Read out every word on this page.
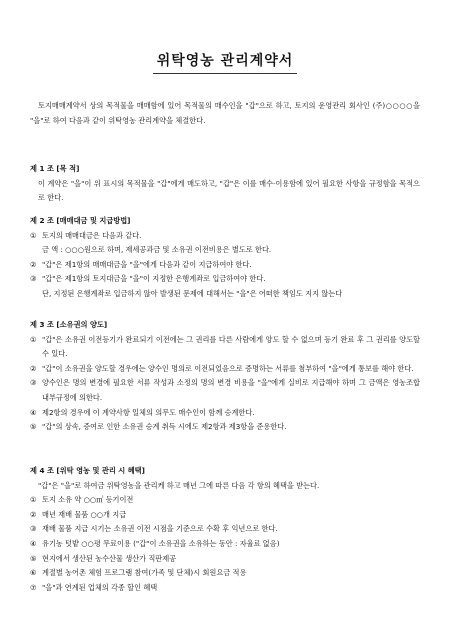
위탁영농 관리계약서
토지매매계약서 상의 목적물을 매매함에 있어 목적물의 매수인을 "갑"으로 하고, 토지의 운영관리 회사인 (주)○○○○을 "을"로 하여 다음과 같이 위탁영농 관리계약을 체결한다.
제 1 조 [목 적]
이 계약은 "을"이 위 표시의 목적물을 "갑"에게 매도하고, "갑"은 이를 매수·이용함에 있어 필요한 사항을 규정함을 목적으로 한다.
제 2 조 [매매대금 및 지급방법]
① 토지의 매매대금은 다음과 같다.
금 액 : ○○○원으로 하며, 제세공과금 및 소유권 이전비용은 별도로 한다.
② "갑"은 제1항의 매매대금을 "을"에게 다음과 같이 지급하여야 한다.
③ "갑"은 제1항의 토지대금을 "을"이 지정한 은행계좌로 입금하여야 한다.
단, 지정된 은행계좌로 입금하지 않아 발생된 문제에 대해서는 "을"은 어떠한 책임도 지지 않는다
제 3 조 [소유권의 양도]
① "갑"은 소유권 이전등기가 완료되기 이전에는 그 권리를 다른 사람에게 양도 할 수 없으며 등기 완료 후 그 권리를 양도할 수 있다.
② "갑"이 소유권을 양도할 경우에는 양수인 명의로 이전되었음으로 증명하는 서류를 첨부하여 "을"에게 통보를 해야 한다.
③ 양수인은 명의 변경에 필요한 서류 작성과 소정의 명의 변경 비용을 "을"에게 실비로 지급해야 하며 그 금액은 영농조합 내부규정에 의한다.
④ 제2항의 경우에 이 계약사항 일체의 의무도 매수인이 함께 승계한다.
⑤ "갑"의 상속, 증여로 인한 소유권 승계 취득 시에도 제2항과 제3항을 준용한다.
제 4 조 [위탁 영농 및 관리 시 혜택]
"갑"은 "을"로 하여금 위탁영농을 관리케 하고 매년 그에 따른 다음 각 항의 혜택을 받는다.
① 토지 소유 약 ○○㎡ 등기이전
② 매년 재배 물품 ○○개 지급
③ 재배 물품 지급 시기는 소유권 이전 시점을 기준으로 수확 후 익년으로 한다.
④ 유기농 텃밭 ○○평 무료이용 ("갑"이 소유권을 소유하는 동안 : 자율료 없음)
⑤ 현지에서 생산된 농수산물 생산가 직판제공
⑥ 계절별 농어촌 체험 프로그램 참여(가족 및 단체)시 회원요금 적용
⑦ "을"과 연계된 업체의 각종 할인 혜택
